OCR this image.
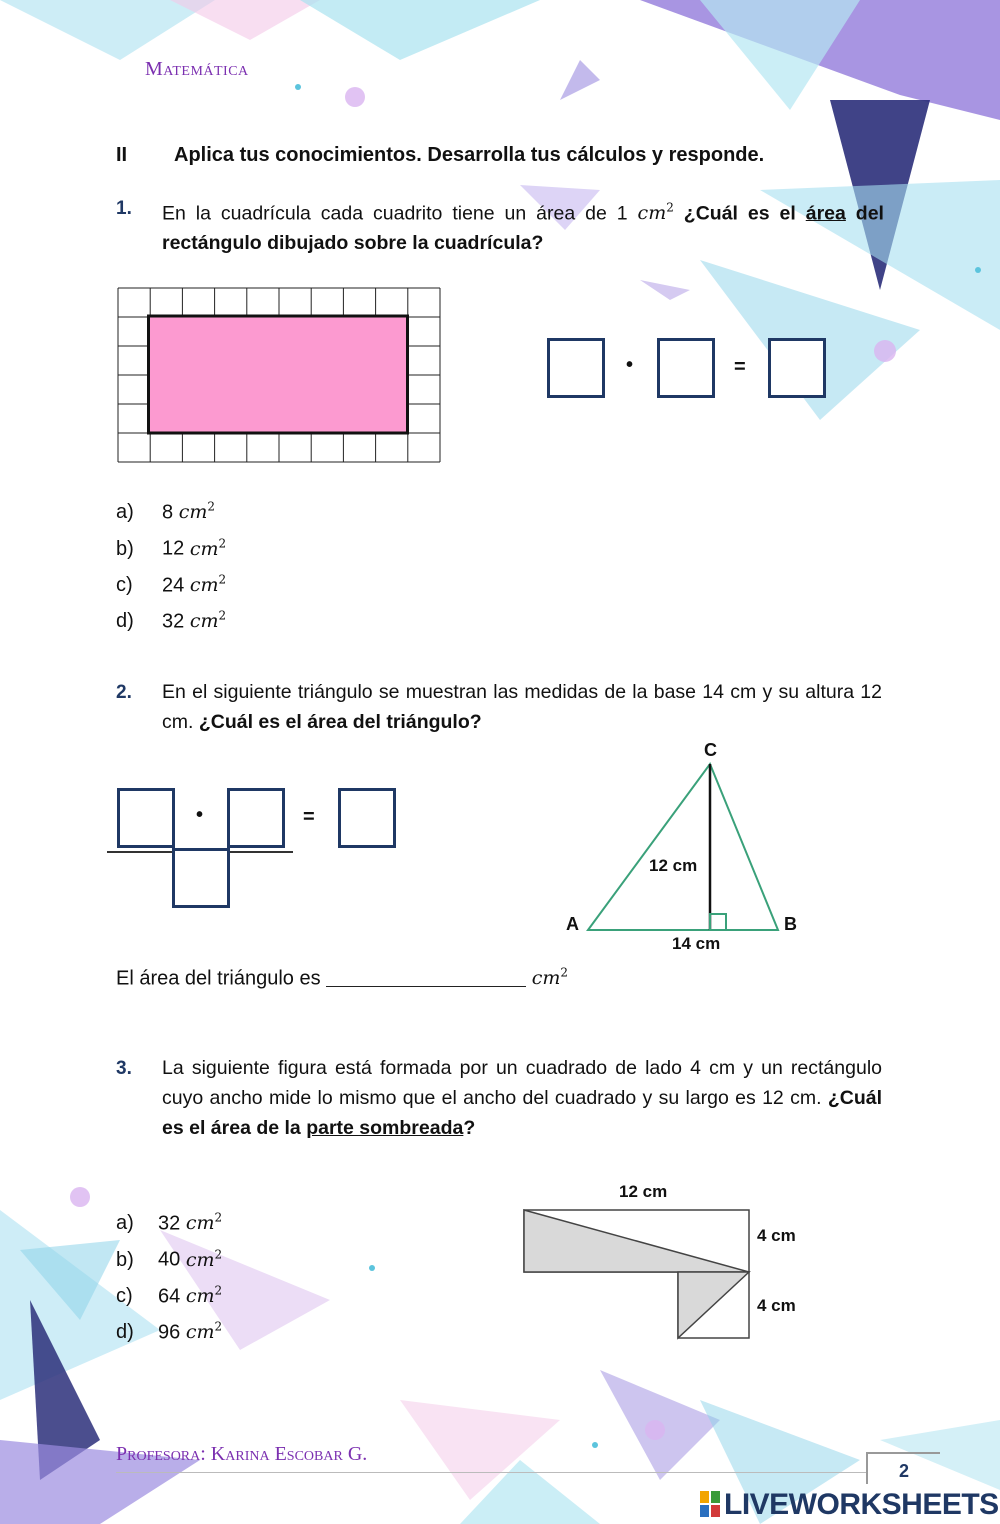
Matemática
II Aplica tus conocimientos. Desarrolla tus cálculos y responde.
1. En la cuadrícula cada cuadrito tiene un área de 1 $cm^2$ ¿Cuál es el área del rectángulo dibujado sobre la cuadrícula?
•	=
a) 8 $cm^2$
b) 12 $cm^2$
c) 24 $cm^2$
d) 32 $cm^2$
2. En el siguiente triángulo se muestran las medidas de la base 14 cm y su altura 12 cm. ¿Cuál es el área del triángulo?
•	=
C
A	B
12 cm
14 cm
El área del triángulo es	$cm^2$
3. La siguiente figura está formada por un cuadrado de lado 4 cm y un rectángulo cuyo ancho mide lo mismo que el ancho del cuadrado y su largo es 12 cm. ¿Cuál es el área de la parte sombreada?
a) 32 $cm^2$
b) 40 $cm^2$
c) 64 $cm^2$
d) 96 $cm^2$
12 cm
4 cm
4 cm
Profesora: Karina Escobar G.
2
LIVEWORKSHEETS
